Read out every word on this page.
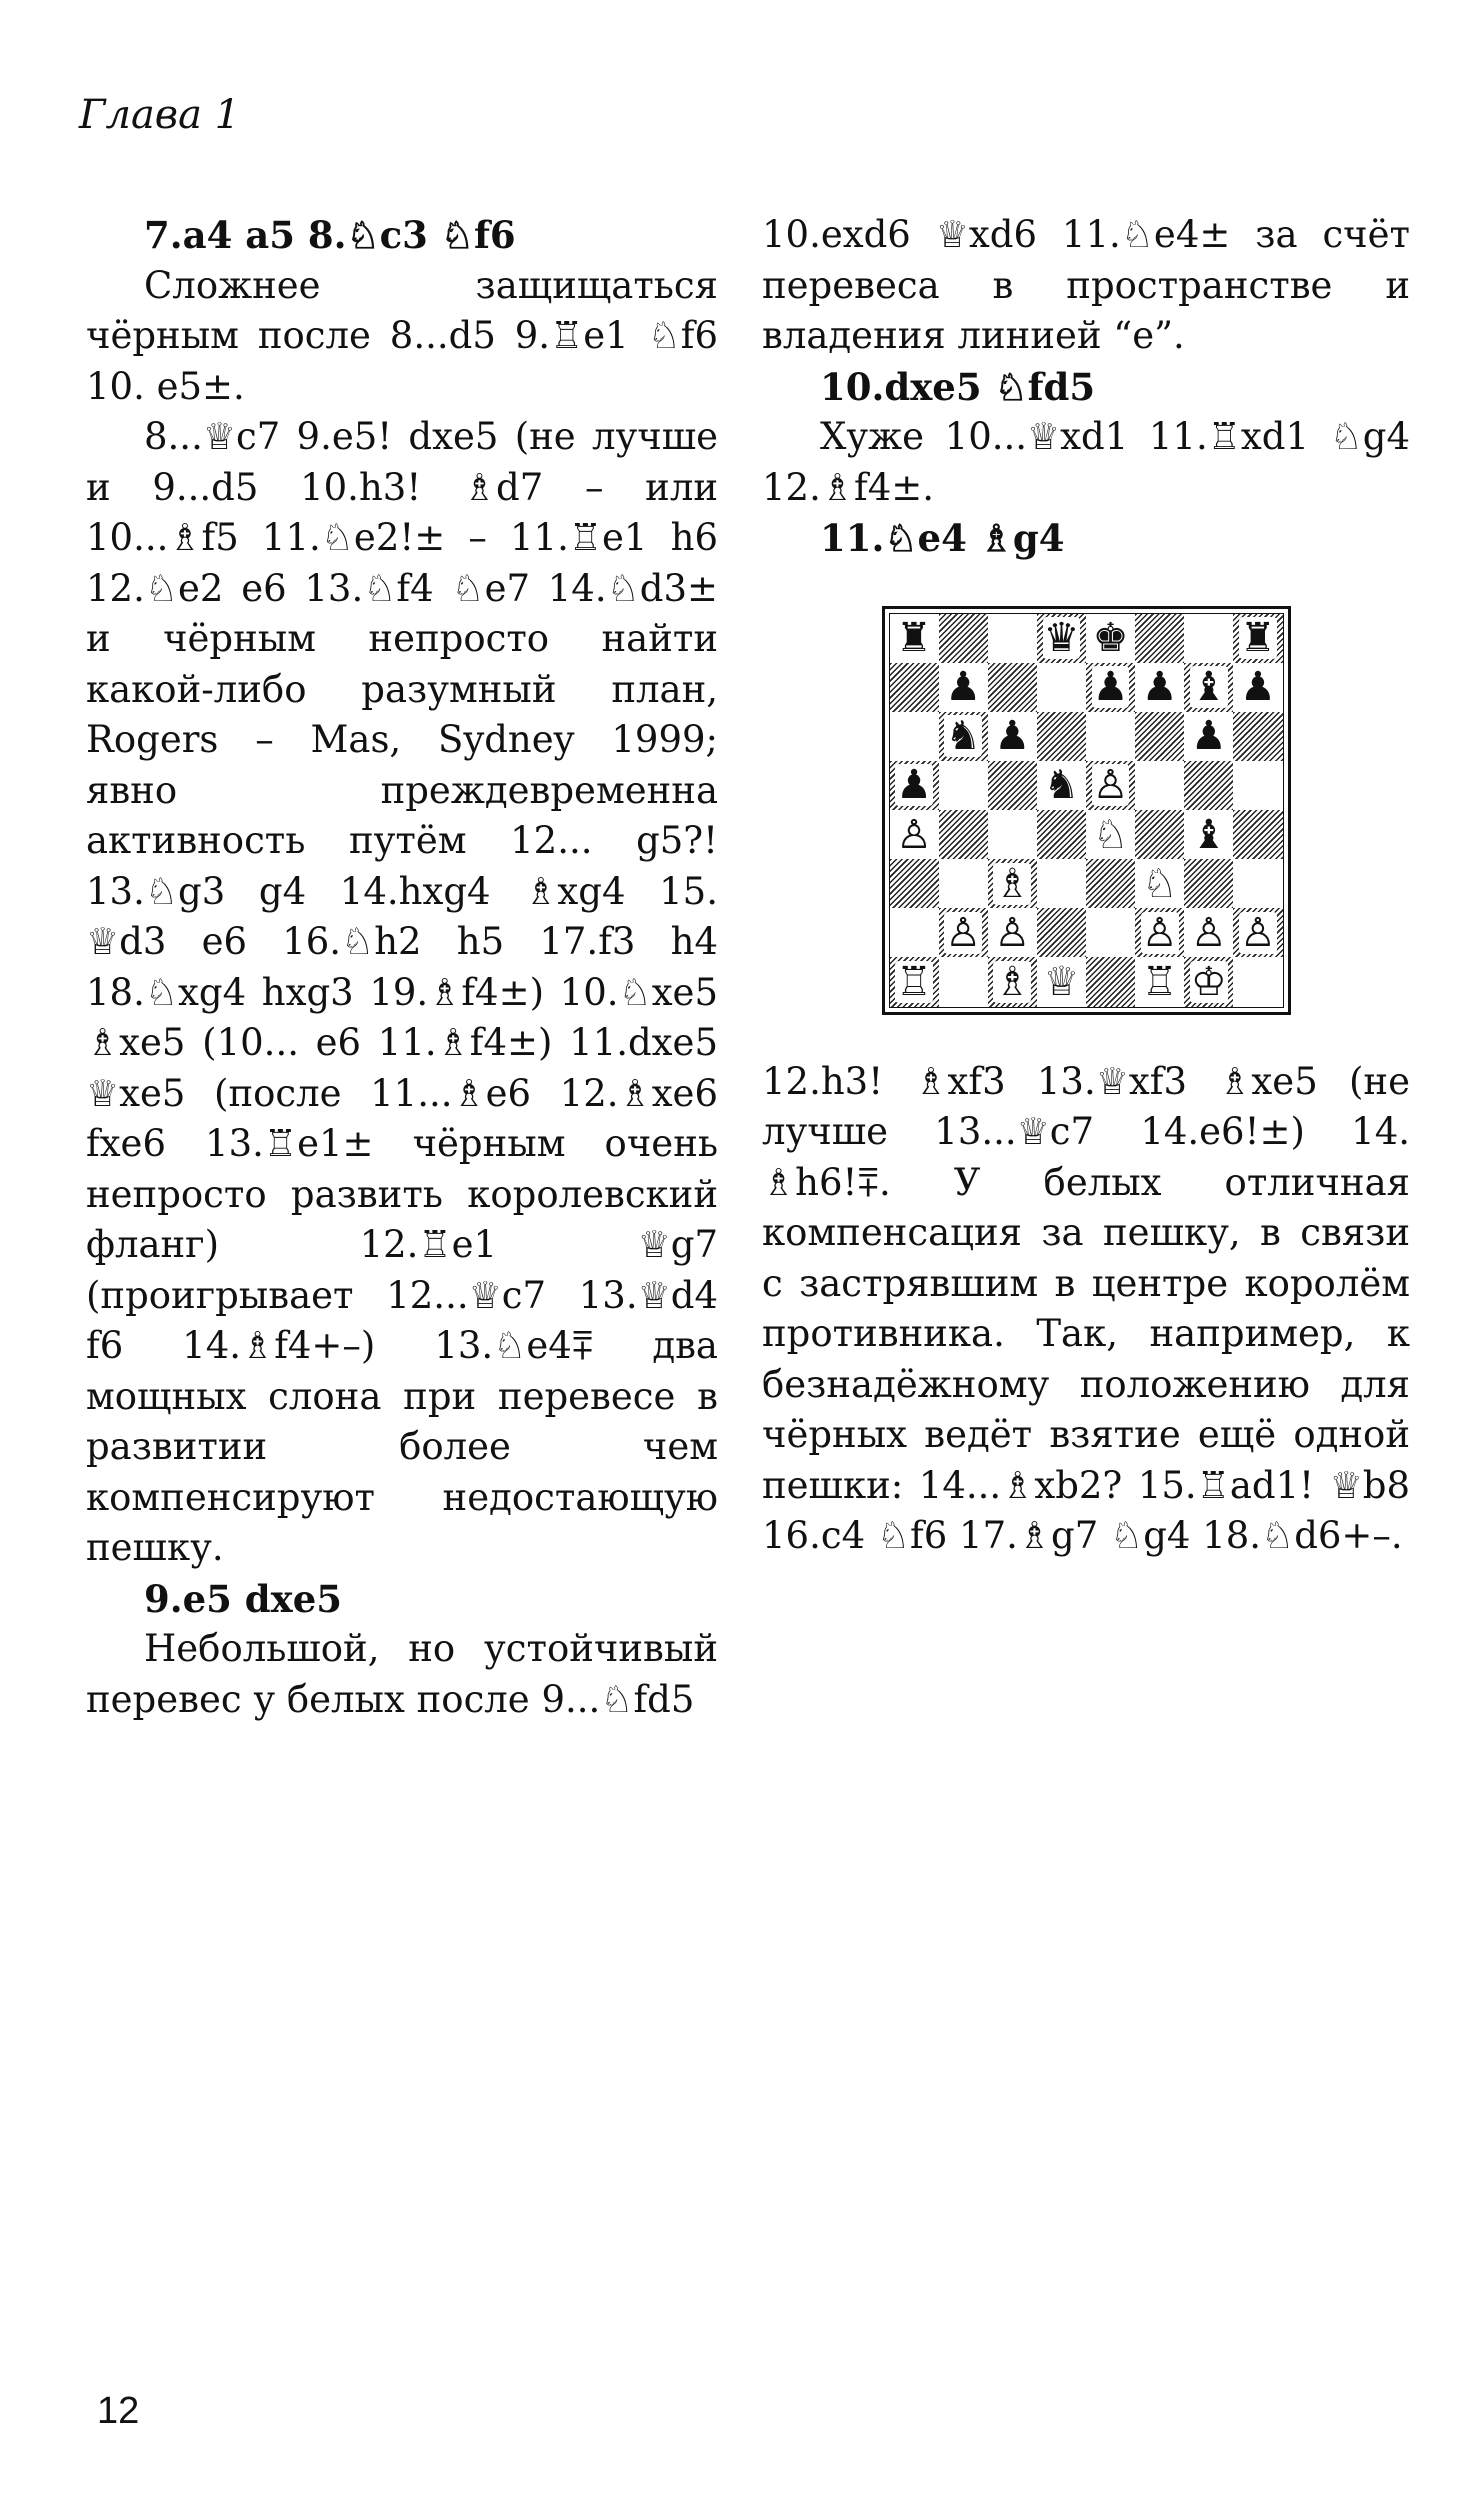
Глава 1

7.a4 a5 8.♘c3 ♘f6

Сложнее защищаться чёрным после 8...d5 9.♖e1 ♘f6 10. e5±.

8...♕c7 9.e5! dxe5 (не лучше и 9...d5 10.h3! ♗d7 – или 10...♗f5 11.♘e2!± – 11.♖e1 h6 12.♘e2 e6 13.♘f4 ♘e7 14.♘d3± и чёрным непросто найти какой-либо разумный план, Rogers – Mas, Sydney 1999; явно преждевременна активность путём 12... g5?! 13.♘g3 g4 14.hxg4 ♗xg4 15. ♕d3 e6 16.♘h2 h5 17.f3 h4 18.♘xg4 hxg3 19.♗f4±) 10.♘xe5 ♗xe5 (10... e6 11.♗f4±) 11.dxe5 ♕xe5 (после 11...♗e6 12.♗xe6 fxe6 13.♖e1± чёрным очень непросто развить королевский фланг) 12.♖e1 ♕g7 (проигрывает 12...♕c7 13.♕d4 f6 14.♗f4+–) 13.♘e4⩱ два мощных слона при перевесе в развитии более чем компенсируют недостающую пешку.

9.e5 dxe5

Небольшой, но устойчивый перевес у белых после 9...♘fd5

10.exd6 ♕xd6 11.♘e4± за счёт перевеса в пространстве и владения линией “e”.

10.dxe5 ♘fd5

Хуже 10...♕xd1 11.♖xd1 ♘g4 12.♗f4±.

11.♘e4 ♗g4

♜	♛ ♚	♜
♟	♟ ♟ ♝ ♟
♞ ♟	♟
♟	♞ ♙
♙	♘ ♝
♗	♘
♙ ♙	♙ ♙ ♙
♖ ♗ ♕ ♖ ♔

12.h3! ♗xf3 13.♕xf3 ♗xe5 (не лучше 13...♕c7 14.e6!±) 14. ♗h6!⩱. У белых отличная компенсация за пешку, в связи с застрявшим в центре королём противника. Так, например, к безнадёжному положению для чёрных ведёт взятие ещё одной пешки: 14...♗xb2? 15.♖ad1! ♕b8 16.c4 ♘f6 17.♗g7 ♘g4 18.♘d6+–.

12
